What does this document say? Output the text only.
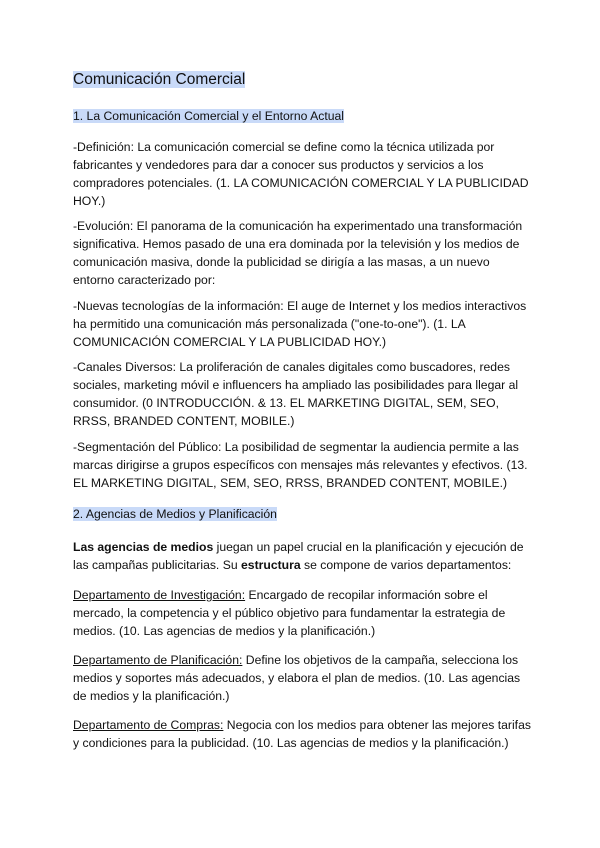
Comunicación Comercial
1. La Comunicación Comercial y el Entorno Actual
-Definición: La comunicación comercial se define como la técnica utilizada por fabricantes y vendedores para dar a conocer sus productos y servicios a los compradores potenciales. (1. LA COMUNICACIÓN COMERCIAL Y LA PUBLICIDAD HOY.)
-Evolución: El panorama de la comunicación ha experimentado una transformación significativa. Hemos pasado de una era dominada por la televisión y los medios de comunicación masiva, donde la publicidad se dirigía a las masas, a un nuevo entorno caracterizado por:
-Nuevas tecnologías de la información: El auge de Internet y los medios interactivos ha permitido una comunicación más personalizada ("one-to-one"). (1. LA COMUNICACIÓN COMERCIAL Y LA PUBLICIDAD HOY.)
-Canales Diversos: La proliferación de canales digitales como buscadores, redes sociales, marketing móvil e influencers ha ampliado las posibilidades para llegar al consumidor. (0 INTRODUCCIÓN. & 13. EL MARKETING DIGITAL, SEM, SEO, RRSS, BRANDED CONTENT, MOBILE.)
-Segmentación del Público: La posibilidad de segmentar la audiencia permite a las marcas dirigirse a grupos específicos con mensajes más relevantes y efectivos. (13. EL MARKETING DIGITAL, SEM, SEO, RRSS, BRANDED CONTENT, MOBILE.)
2. Agencias de Medios y Planificación
Las agencias de medios juegan un papel crucial en la planificación y ejecución de las campañas publicitarias. Su estructura se compone de varios departamentos:
Departamento de Investigación: Encargado de recopilar información sobre el mercado, la competencia y el público objetivo para fundamentar la estrategia de medios. (10. Las agencias de medios y la planificación.)
Departamento de Planificación: Define los objetivos de la campaña, selecciona los medios y soportes más adecuados, y elabora el plan de medios. (10. Las agencias de medios y la planificación.)
Departamento de Compras: Negocia con los medios para obtener las mejores tarifas y condiciones para la publicidad. (10. Las agencias de medios y la planificación.)
